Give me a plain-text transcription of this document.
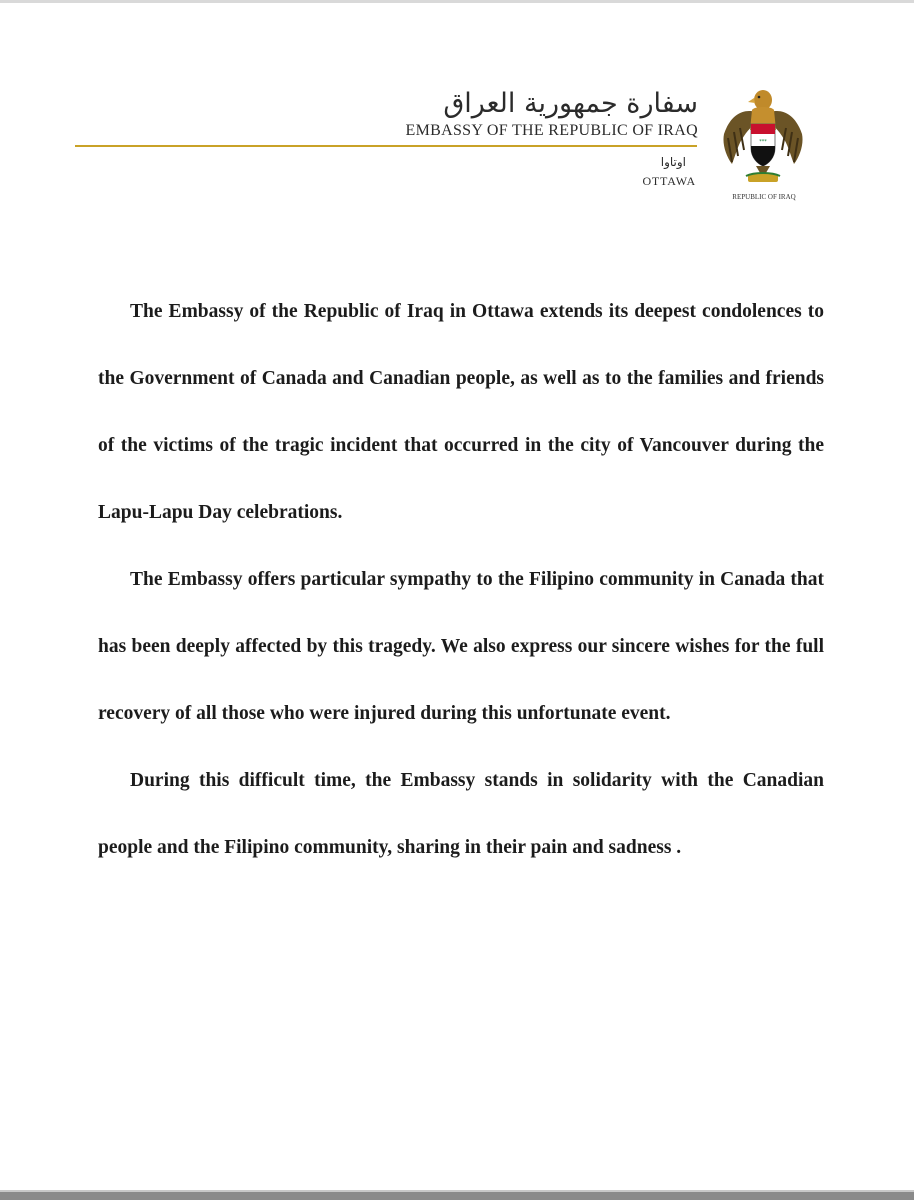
سفارة جمهورية العراق
EMBASSY OF THE REPUBLIC OF IRAQ
اوتاوا
OTTAWA
***
REPUBLIC OF IRAQ

The Embassy of the Republic of Iraq in Ottawa extends its deepest condolences to the Government of Canada and Canadian people, as well as to the families and friends of the victims of the tragic incident that occurred in the city of Vancouver during the Lapu-Lapu Day celebrations.

The Embassy offers particular sympathy to the Filipino community in Canada that has been deeply affected by this tragedy. We also express our sincere wishes for the full recovery of all those who were injured during this unfortunate event.

During this difficult time, the Embassy stands in solidarity with the Canadian people and the Filipino community, sharing in their pain and sadness .
